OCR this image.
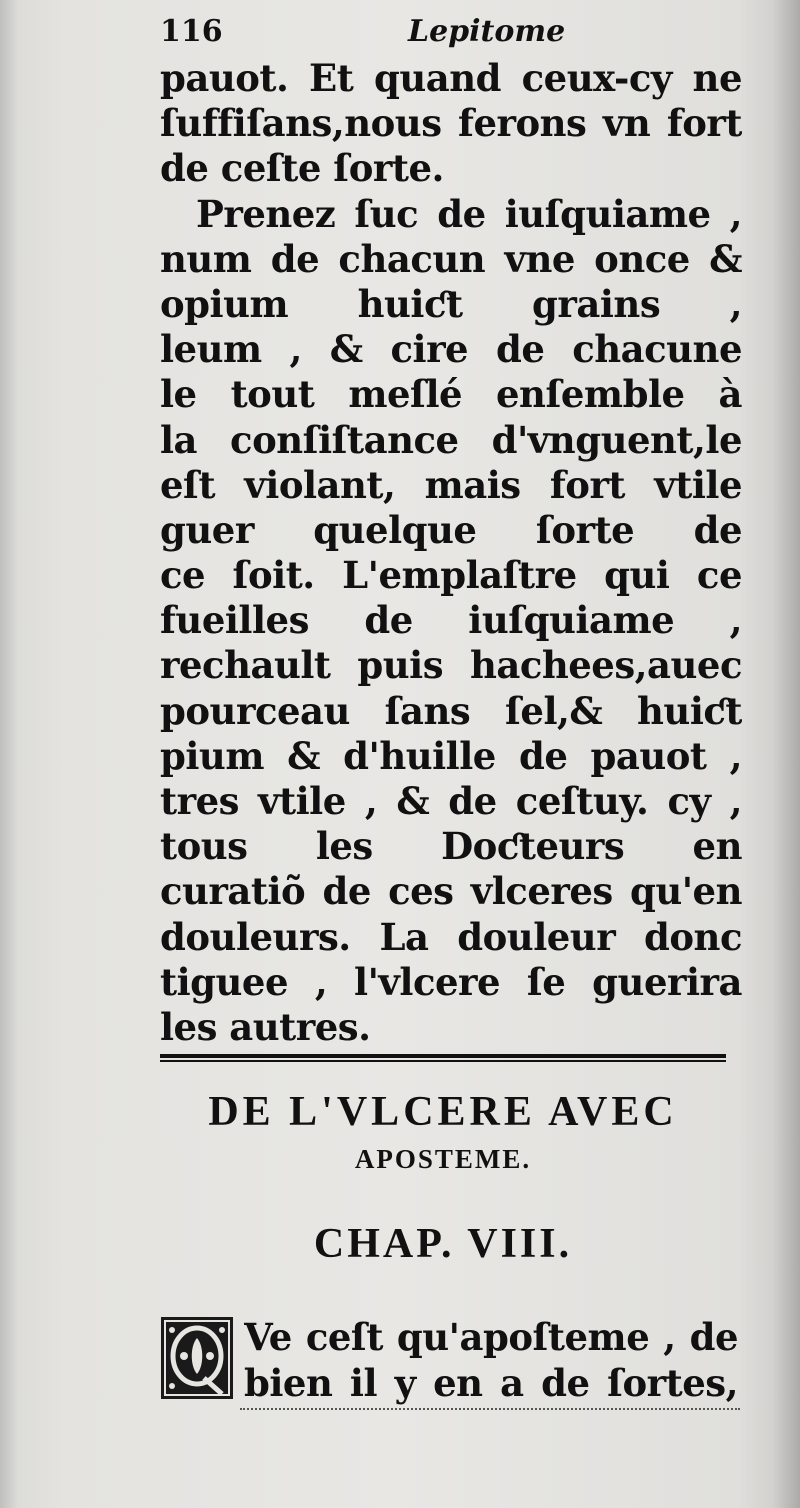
116	Lepitome
pauot. Et quand ceux-cy ne
ſuffiſans,nous ferons vn fort
de ceſte ſorte.
Prenez ſuc de iuſquiame ,
num de chacun vne once &
opium huiƈt grains ,
leum , & cire de chacune
le tout meſlé enſemble à
la conſiſtance d'vnguent,le
eſt violant, mais fort vtile
guer quelque ſorte de
ce ſoit. L'emplaſtre qui ce
fueilles de iuſquiame ,
rechault puis hachees,auec
pourceau ſans ſel,& huiƈt
pium & d'huille de pauot ,
tres vtile , & de ceſtuy. cy ,
tous les Doƈteurs en
curatiõ de ces vlceres qu'en
douleurs. La douleur donc
tiguee , l'vlcere ſe guerira
les autres.
DE L'VLCERE AVEC
APOSTEME.
CHAP. VIII.
Ve ceſt qu'apoſteme , de
bien il y en a de ſortes,
